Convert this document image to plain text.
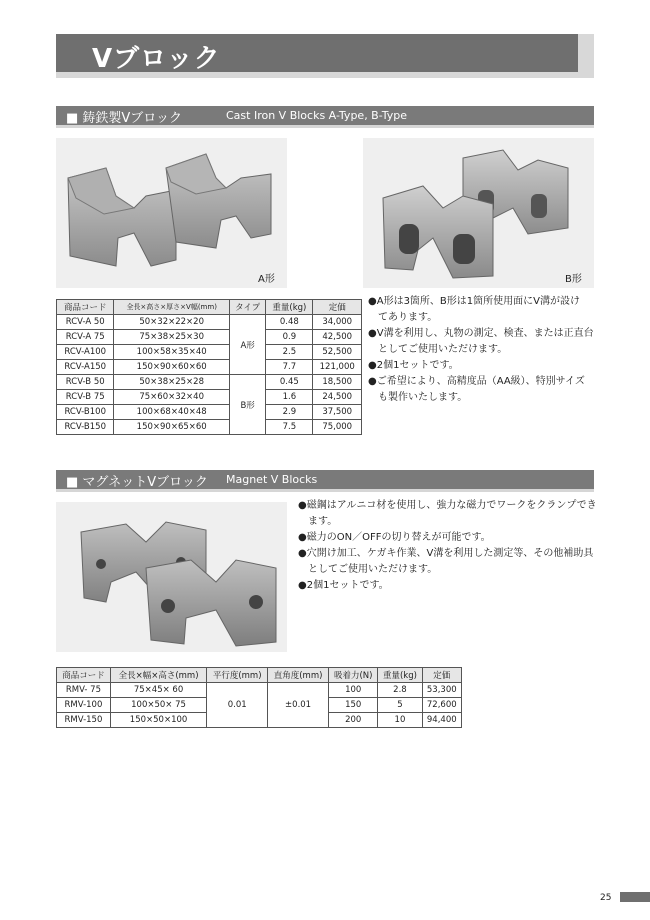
Vブロック
■ 鋳鉄製Vブロック	Cast Iron V Blocks A-Type, B-Type
A形	B形
商品コード	全長×高さ×厚さ×V幅(mm)	タイプ	重量(kg)	定価
RCV-A 50	50×32×22×20	A形	0.48	34,000
RCV-A 75	75×38×25×30		0.9	42,500
RCV-A100	100×58×35×40		2.5	52,500
RCV-A150	150×90×60×60		7.7	121,000
RCV-B 50	50×38×25×28	B形	0.45	18,500
RCV-B 75	75×60×32×40		1.6	24,500
RCV-B100	100×68×40×48		2.9	37,500
RCV-B150	150×90×65×60		7.5	75,000
●A形は3箇所、B形は1箇所使用面にV溝が設け
　てあります。
●V溝を利用し、丸物の測定、検査、または正直台
　としてご使用いただけます。
●2個1セットです。
●ご希望により、高精度品（AA級）、特別サイズ
　も製作いたします。
■ マグネットVブロック Magnet V Blocks
●磁鋼はアルニコ材を使用し、強力な磁力でワークをクランプでき
　ます。
●磁力のON／OFFの切り替えが可能です。
●穴開け加工、ケガキ作業、V溝を利用した測定等、その他補助具
　としてご使用いただけます。
●2個1セットです。
商品コード	全長×幅×高さ(mm)	平行度(mm)	直角度(mm)	吸着力(N)	重量(kg)	定価
RMV- 75	75×45× 60	0.01	±0.01	100	2.8	53,300
RMV-100	100×50× 75			150	5	72,600
RMV-150	150×50×100			200	10	94,400
25
